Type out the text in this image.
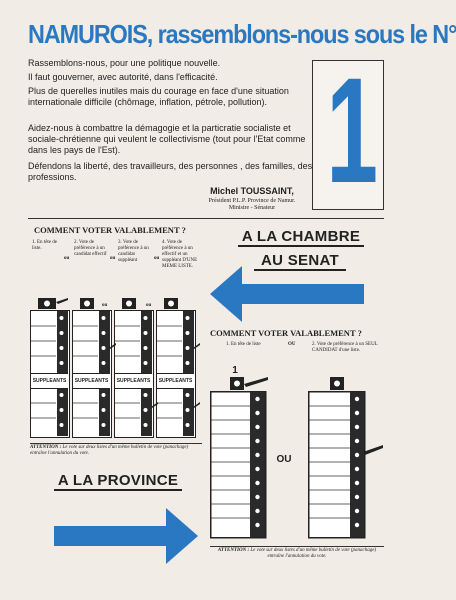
NAMUROIS, rassemblons-nous sous le N°
1
Rassemblons-nous, pour une politique nouvelle.
Il faut gouverner, avec autorité, dans l'efficacité.
Plus de querelles inutiles mais du courage en face d'une situation internationale difficile (chômage, inflation, pétrole, pollution).
Aidez-nous à combattre la démagogie et la particratie socialiste et sociale-chrétienne qui veulent le collectivisme (tout pour l'Etat comme dans les pays de l'Est).
Défendons la liberté, des travailleurs, des personnes , des familles, des professions.
Michel TOUSSAINT,
Président P.L.P. Province de Namur.
Ministre - Sénateur
COMMENT VOTER VALABLEMENT ?
1. En tête de liste.
ou
2. Vote de préférence à un candidat effectif
ou
3. Vote de préférence à un candidat suppléant	ou
4. Vote de préférence à un effectif et un suppléant D'UNE MEME LISTE.
A LA CHAMBRE
AU SENAT
ou	ou
SUPPLEANTS	SUPPLEANTS	SUPPLEANTS	SUPPLEANTS
ATTENTION : Le vote sur deux listes d'un même bulletin de vote (panachage) entraîne l'annulation du vote.
A LA PROVINCE
COMMENT VOTER VALABLEMENT ?
1. En tête de liste	OU	2. Vote de préférence à un SEUL CANDIDAT d'une liste.
1
OU
ATTENTION : Le vote sur deux listes d'un même bulletin de vote (panachage) entraîne l'annulation du vote.
